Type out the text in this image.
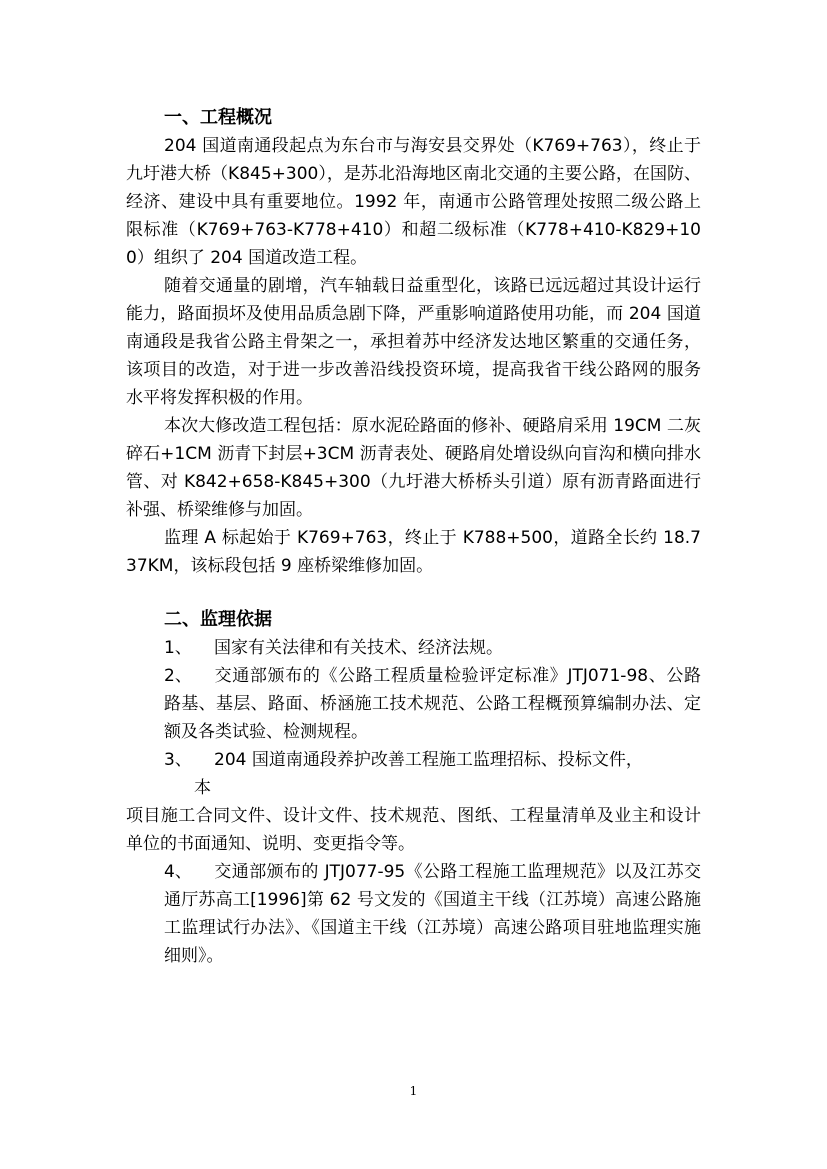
一、工程概况

204 国道南通段起点为东台市与海安县交界处（K769+763），终止于九圩港大桥（K845+300），是苏北沿海地区南北交通的主要公路，在国防、经济、建设中具有重要地位。1992 年，南通市公路管理处按照二级公路上限标准（K769+763-K778+410）和超二级标准（K778+410-K829+100）组织了 204 国道改造工程。

随着交通量的剧增，汽车轴载日益重型化，该路已远远超过其设计运行能力，路面损坏及使用品质急剧下降，严重影响道路使用功能，而 204 国道南通段是我省公路主骨架之一，承担着苏中经济发达地区繁重的交通任务，该项目的改造，对于进一步改善沿线投资环境，提高我省干线公路网的服务水平将发挥积极的作用。

本次大修改造工程包括：原水泥砼路面的修补、硬路肩采用 19CM 二灰碎石+1CM 沥青下封层+3CM 沥青表处、硬路肩处增设纵向盲沟和横向排水管、对 K842+658-K845+300（九圩港大桥桥头引道）原有沥青路面进行补强、桥梁维修与加固。

监理 A 标起始于 K769+763，终止于 K788+500，道路全长约 18.737KM，该标段包括 9 座桥梁维修加固。

二、监理依据

1、 国家有关法律和有关技术、经济法规。

2、 交通部颁布的《公路工程质量检验评定标准》JTJ071-98、公路路基、基层、路面、桥涵施工技术规范、公路工程概预算编制办法、定额及各类试验、检测规程。

3、 204 国道南通段养护改善工程施工监理招标、投标文件，

本

项目施工合同文件、设计文件、技术规范、图纸、工程量清单及业主和设计单位的书面通知、说明、变更指令等。

4、 交通部颁布的 JTJ077-95《公路工程施工监理规范》以及江苏交通厅苏高工[1996]第 62 号文发的《国道主干线（江苏境）高速公路施工监理试行办法》、《国道主干线（江苏境）高速公路项目驻地监理实施细则》。

1
